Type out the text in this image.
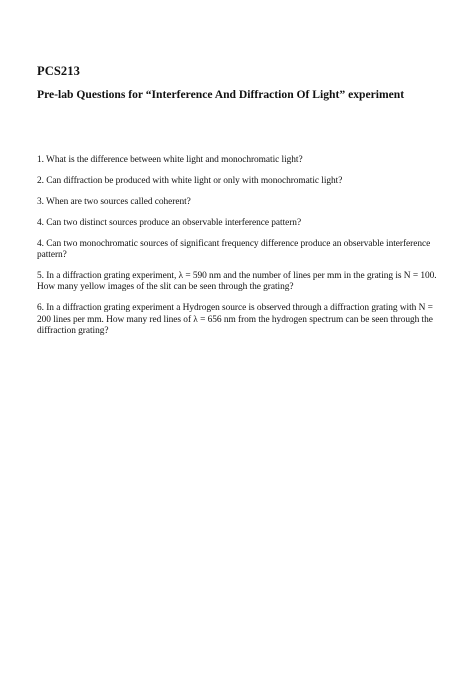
PCS213
Pre-lab Questions for “Interference And Diffraction Of Light” experiment
1. What is the difference between white light and monochromatic light?
2. Can diffraction be produced with white light or only with monochromatic light?
3. When are two sources called coherent?
4. Can two distinct sources produce an observable interference pattern?
4. Can two monochromatic sources of significant frequency difference produce an observable interference pattern?
5. In a diffraction grating experiment, λ = 590 nm and the number of lines per mm in the grating is N = 100. How many yellow images of the slit can be seen through the grating?
6. In a diffraction grating experiment a Hydrogen source is observed through a diffraction grating with N = 200 lines per mm. How many red lines of λ = 656 nm from the hydrogen spectrum can be seen through the diffraction grating?
